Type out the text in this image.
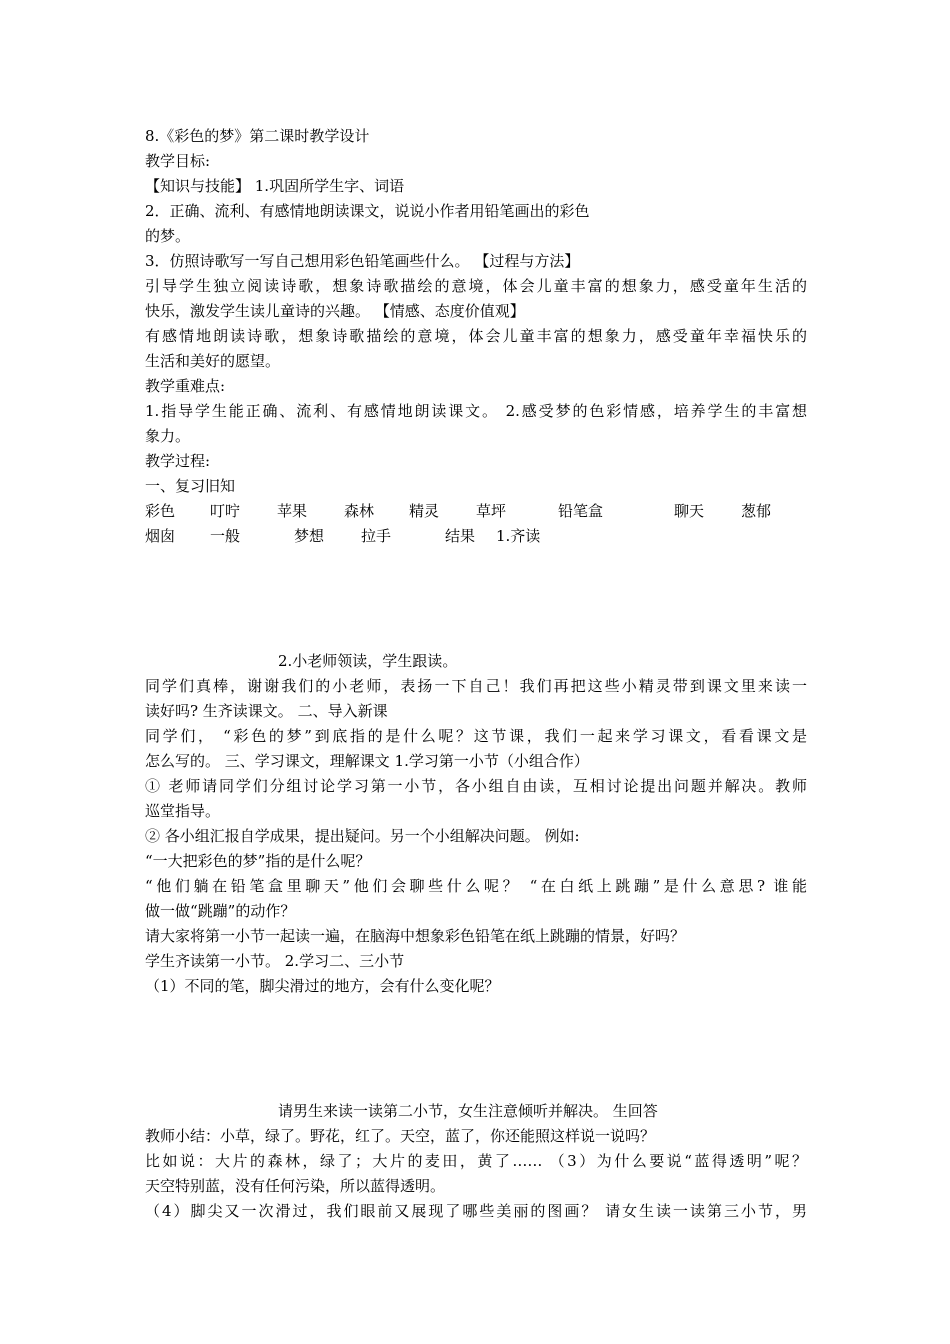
8.《彩色的梦》第二课时教学设计
教学目标:
【知识与技能】 1.巩固所学生字、词语
2．正确、流利、有感情地朗读课文，说说小作者用铅笔画出的彩色
的梦。
3．仿照诗歌写一写自己想用彩色铅笔画些什么。 【过程与方法】
引导学生独立阅读诗歌，想象诗歌描绘的意境，体会儿童丰富的想象力，感受童年生活的
快乐，激发学生读儿童诗的兴趣。 【情感、态度价值观】
有感情地朗读诗歌，想象诗歌描绘的意境，体会儿童丰富的想象力，感受童年幸福快乐的
生活和美好的愿望。
教学重难点:
1.指导学生能正确、流利、有感情地朗读课文。 2.感受梦的色彩情感，培养学生的丰富想
象力。
教学过程:
一、复习旧知
彩色 叮咛 苹果 森林 精灵 草坪	铅笔盒	聊天 葱郁
烟囱 一般	梦想 拉手	结果 1.齐读
2.小老师领读，学生跟读。
同学们真棒，谢谢我们的小老师，表扬一下自己！我们再把这些小精灵带到课文里来读一
读好吗? 生齐读课文。 二、导入新课
同学们， “彩色的梦”到底指的是什么呢？这节课，我们一起来学习课文，看看课文是
怎么写的。 三、学习课文，理解课文 1.学习第一小节（小组合作）
① 老师请同学们分组讨论学习第一小节，各小组自由读，互相讨论提出问题并解决。教师
巡堂指导。
② 各小组汇报自学成果，提出疑问。另一个小组解决问题。 例如:
“一大把彩色的梦”指的是什么呢？
“他们躺在铅笔盒里聊天”他们会聊些什么呢？ “在白纸上跳蹦”是什么意思? 谁能
做一做“跳蹦”的动作？
请大家将第一小节一起读一遍，在脑海中想象彩色铅笔在纸上跳蹦的情景，好吗？
学生齐读第一小节。 2.学习二、三小节
（1）不同的笔，脚尖滑过的地方，会有什么变化呢？
请男生来读一读第二小节，女生注意倾听并解决。 生回答
教师小结：小草，绿了。野花，红了。天空，蓝了，你还能照这样说一说吗？
比如说：大片的森林，绿了；大片的麦田，黄了…… （3）为什么要说“蓝得透明”呢？
天空特别蓝，没有任何污染，所以蓝得透明。
（4）脚尖又一次滑过，我们眼前又展现了哪些美丽的图画？ 请女生读一读第三小节，男
